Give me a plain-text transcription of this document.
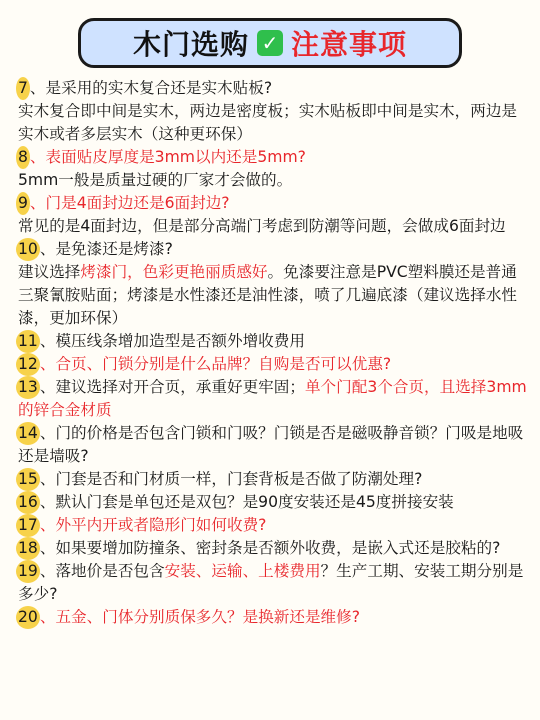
木门选购 ✓ 注意事项

7 、是采用的实木复合还是实木贴板?

实木复合即中间是实木，两边是密度板；实木贴板即中间是实木，两边是实木或者多层实木（这种更环保）

8 、表面贴皮厚度是3mm以内还是5mm?

5mm一般是质量过硬的厂家才会做的。

9 、门是4面封边还是6面封边?

常见的是4面封边，但是部分高端门考虑到防潮等问题，会做成6面封边

10 、是免漆还是烤漆?

建议选择烤漆门，色彩更艳丽质感好。免漆要注意是PVC塑料膜还是普通三聚氰胺贴面；烤漆是水性漆还是油性漆，喷了几遍底漆（建议选择水性漆，更加环保）

11 、模压线条增加造型是否额外增收费用

12 、合页、门锁分别是什么品牌？自购是否可以优惠?

13 、建议选择对开合页，承重好更牢固；单个门配3个合页，且选择3mm的锌合金材质

14 、门的价格是否包含门锁和门吸？门锁是否是磁吸静音锁？门吸是地吸还是墙吸?

15 、门套是否和门材质一样，门套背板是否做了防潮处理?

16 、默认门套是单包还是双包？是90度安装还是45度拼接安装

17 、外平内开或者隐形门如何收费?

18 、如果要增加防撞条、密封条是否额外收费，是嵌入式还是胶粘的?

19 、落地价是否包含安装、运输、上楼费用？生产工期、安装工期分别是多少?

20 、五金、门体分别质保多久？是换新还是维修?
